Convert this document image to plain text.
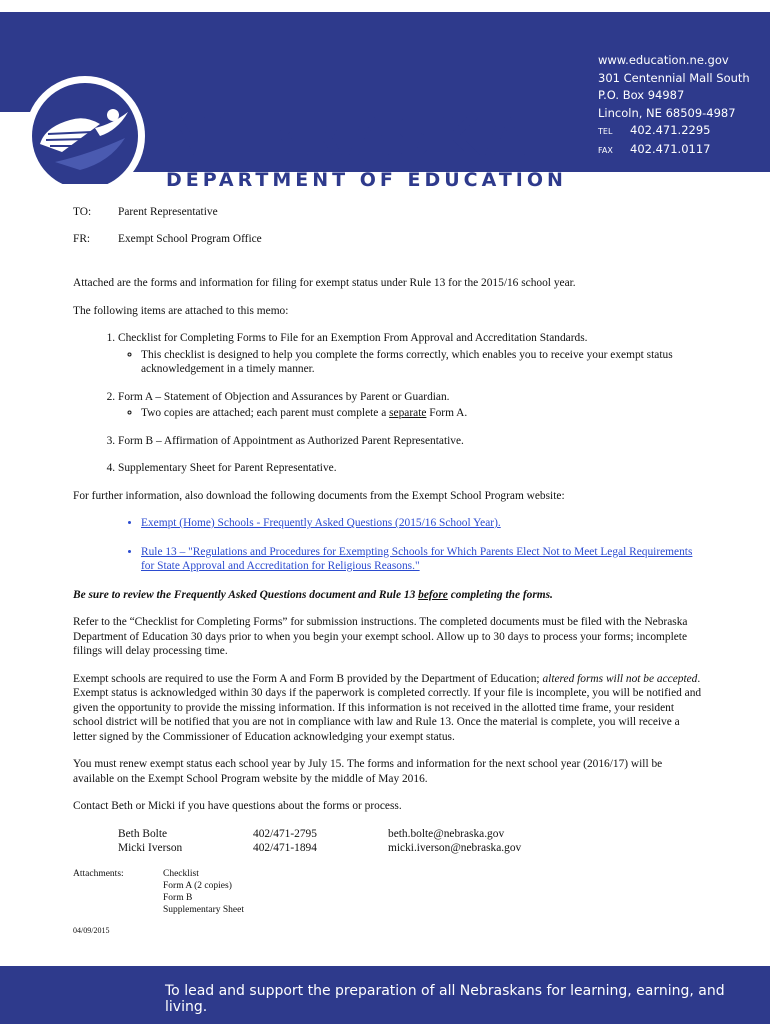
NEBRASKA
DEPARTMENT OF EDUCATION
www.education.ne.gov
301 Centennial Mall South
P.O. Box 94987
Lincoln, NE 68509-4987
TEL 402.471.2295
FAX 402.471.0117
TO:	Parent Representative
FR:	Exempt School Program Office

Attached are the forms and information for filing for exempt status under Rule 13 for the 2015/16 school year.

The following items are attached to this memo:

1. Checklist for Completing Forms to File for an Exemption From Approval and Accreditation Standards.
◦ This checklist is designed to help you complete the forms correctly, which enables you to receive your exempt status acknowledgement in a timely manner.
2. Form A – Statement of Objection and Assurances by Parent or Guardian.
◦ Two copies are attached; each parent must complete a separate Form A.
3. Form B – Affirmation of Appointment as Authorized Parent Representative.
4. Supplementary Sheet for Parent Representative.

For further information, also download the following documents from the Exempt School Program website:

• Exempt (Home) Schools - Frequently Asked Questions (2015/16 School Year).
• Rule 13 – "Regulations and Procedures for Exempting Schools for Which Parents Elect Not to Meet Legal Requirements for State Approval and Accreditation for Religious Reasons."

Be sure to review the Frequently Asked Questions document and Rule 13 before completing the forms.

Refer to the “Checklist for Completing Forms” for submission instructions. The completed documents must be filed with the Nebraska Department of Education 30 days prior to when you begin your exempt school. Allow up to 30 days to process your forms; incomplete filings will delay processing time.

Exempt schools are required to use the Form A and Form B provided by the Department of Education; altered forms will not be accepted. Exempt status is acknowledged within 30 days if the paperwork is completed correctly. If your file is incomplete, you will be notified and given the opportunity to provide the missing information. If this information is not received in the allotted time frame, your resident school district will be notified that you are not in compliance with law and Rule 13. Once the material is complete, you will receive a letter signed by the Commissioner of Education acknowledging your exempt status.

You must renew exempt status each school year by July 15. The forms and information for the next school year (2016/17) will be available on the Exempt School Program website by the middle of May 2016.

Contact Beth or Micki if you have questions about the forms or process.

Beth Bolte	402/471-2795	beth.bolte@nebraska.gov
Micki Iverson	402/471-1894	micki.iverson@nebraska.gov
Attachments:	Checklist
Form A (2 copies)
Form B
Supplementary Sheet
04/09/2015
To lead and support the preparation of all Nebraskans for learning, earning, and living.
